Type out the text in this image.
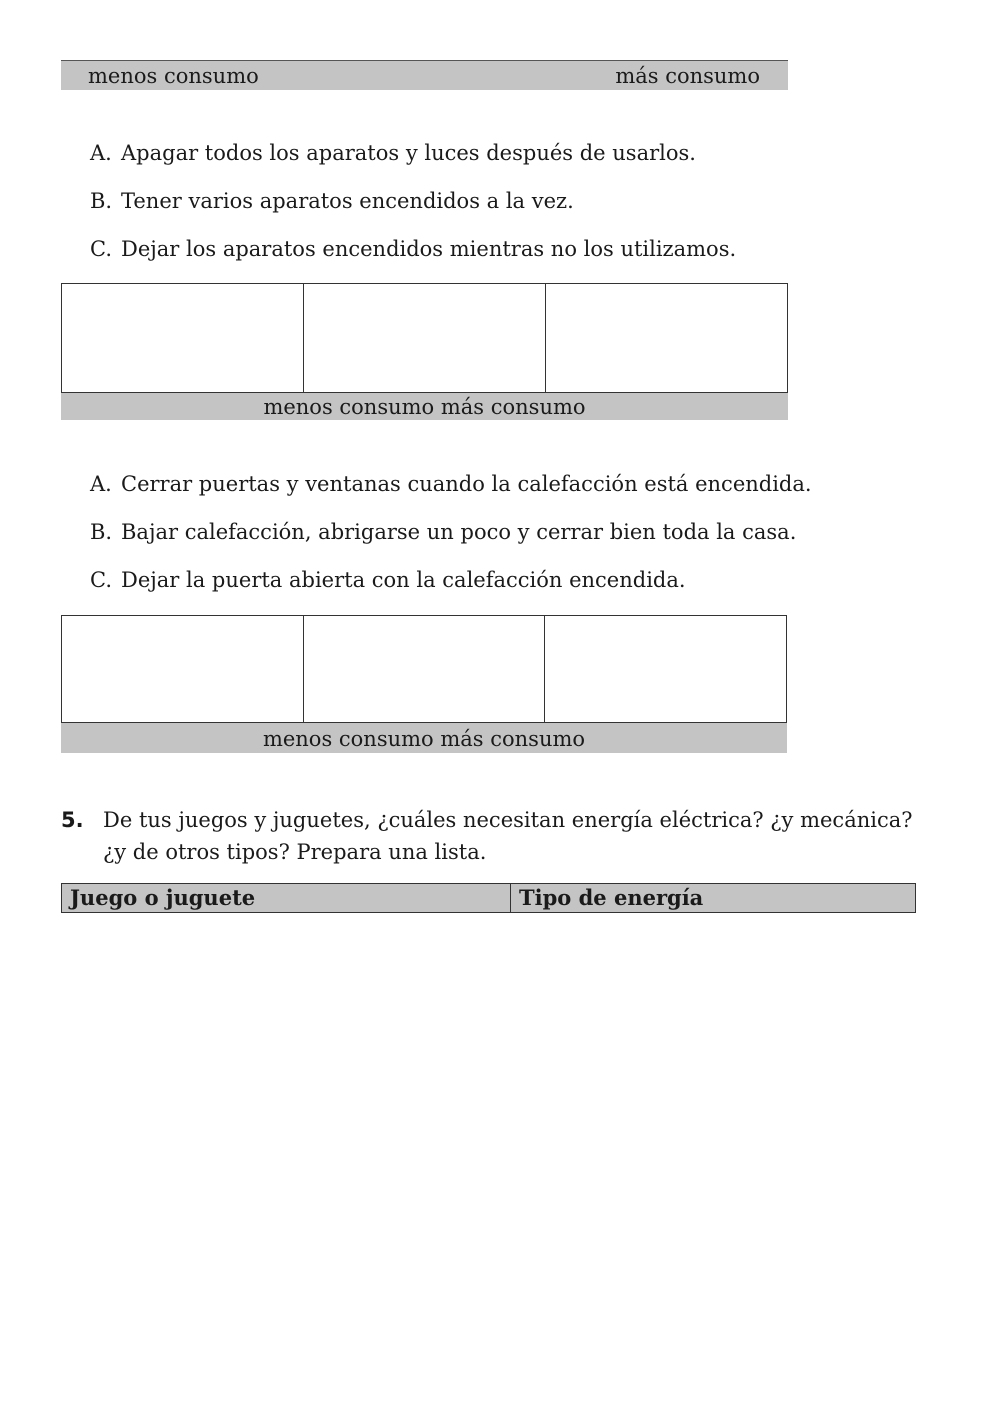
menos consumo	más consumo
A. Apagar todos los aparatos y luces después de usarlos.
B. Tener varios aparatos encendidos a la vez.
C. Dejar los aparatos encendidos mientras no los utilizamos.
menos consumo más consumo
A. Cerrar puertas y ventanas cuando la calefacción está encendida.
B. Bajar calefacción, abrigarse un poco y cerrar bien toda la casa.
C. Dejar la puerta abierta con la calefacción encendida.
menos consumo más consumo
5. De tus juegos y juguetes, ¿cuáles necesitan energía eléctrica? ¿y mecánica? ¿y de otros tipos? Prepara una lista.
Juego o juguete	Tipo de energía
